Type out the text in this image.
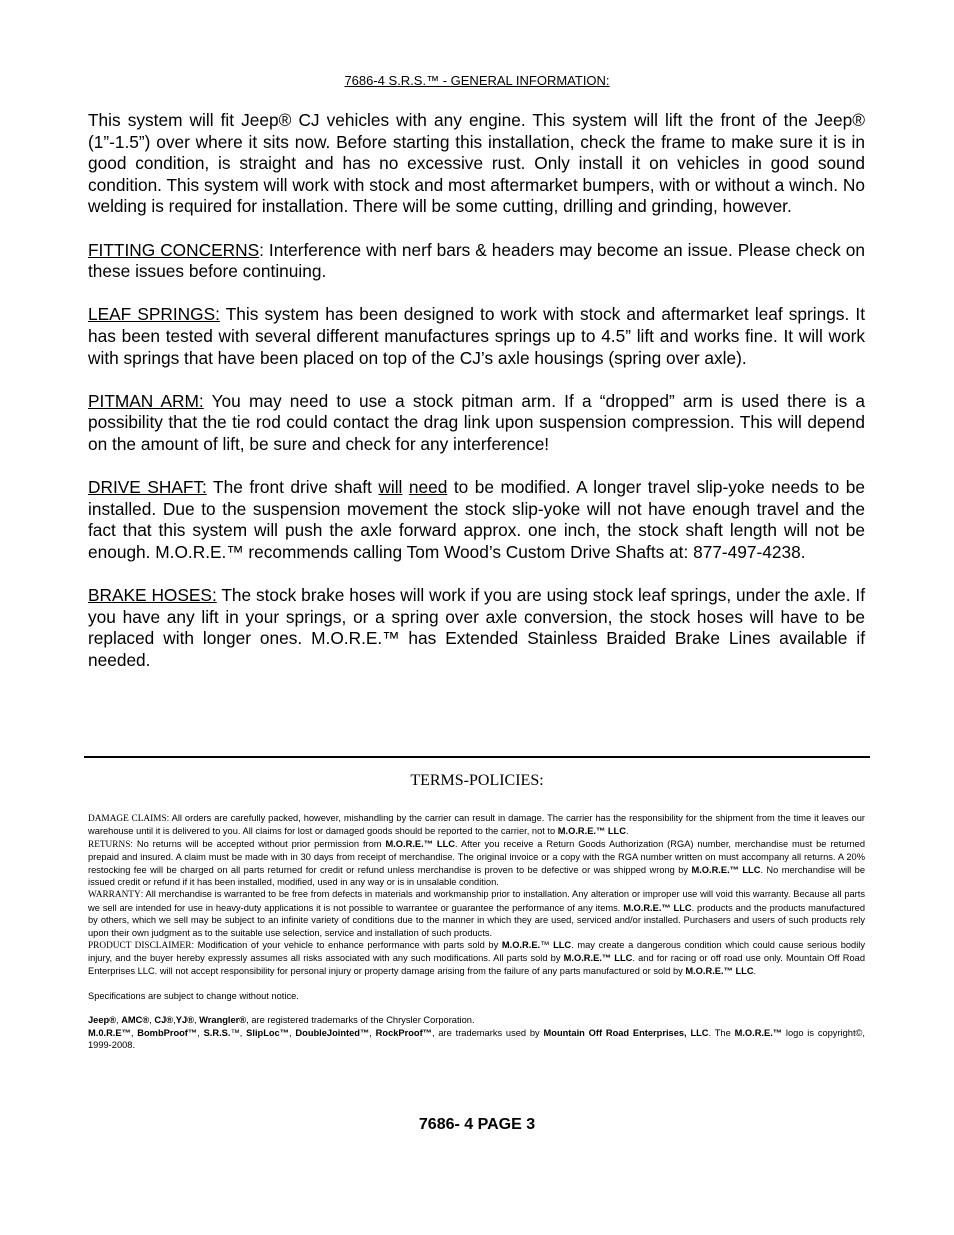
7686-4 S.R.S.™ - GENERAL INFORMATION:

This system will fit Jeep® CJ vehicles with any engine. This system will lift the front of the Jeep® (1”-1.5”) over where it sits now. Before starting this installation, check the frame to make sure it is in good condition, is straight and has no excessive rust. Only install it on vehicles in good sound condition. This system will work with stock and most aftermarket bumpers, with or without a winch. No welding is required for installation. There will be some cutting, drilling and grinding, however.

FITTING CONCERNS: Interference with nerf bars & headers may become an issue. Please check on these issues before continuing.

LEAF SPRINGS: This system has been designed to work with stock and aftermarket leaf springs. It has been tested with several different manufactures springs up to 4.5” lift and works fine. It will work with springs that have been placed on top of the CJ’s axle housings (spring over axle).

PITMAN ARM: You may need to use a stock pitman arm. If a “dropped” arm is used there is a possibility that the tie rod could contact the drag link upon suspension compression. This will depend on the amount of lift, be sure and check for any interference!

DRIVE SHAFT: The front drive shaft will need to be modified. A longer travel slip-yoke needs to be installed. Due to the suspension movement the stock slip-yoke will not have enough travel and the fact that this system will push the axle forward approx. one inch, the stock shaft length will not be enough. M.O.R.E.™ recommends calling Tom Wood’s Custom Drive Shafts at: 877-497-4238.

BRAKE HOSES: The stock brake hoses will work if you are using stock leaf springs, under the axle. If you have any lift in your springs, or a spring over axle conversion, the stock hoses will have to be replaced with longer ones. M.O.R.E.™ has Extended Stainless Braided Brake Lines available if needed.

TERMS-POLICIES:

DAMAGE CLAIMS: All orders are carefully packed, however, mishandling by the carrier can result in damage. The carrier has the responsibility for the shipment from the time it leaves our warehouse until it is delivered to you. All claims for lost or damaged goods should be reported to the carrier, not to M.O.R.E.™ LLC.

RETURNS: No returns will be accepted without prior permission from M.O.R.E.™ LLC. After you receive a Return Goods Authorization (RGA) number, merchandise must be returned prepaid and insured. A claim must be made with in 30 days from receipt of merchandise. The original invoice or a copy with the RGA number written on must accompany all returns. A 20% restocking fee will be charged on all parts returned for credit or refund unless merchandise is proven to be defective or was shipped wrong by M.O.R.E.™ LLC. No merchandise will be issued credit or refund if it has been installed, modified, used in any way or is in unsalable condition.

WARRANTY: All merchandise is warranted to be free from defects in materials and workmanship prior to installation. Any alteration or improper use will void this warranty. Because all parts we sell are intended for use in heavy-duty applications it is not possible to warrantee or guarantee the performance of any items. M.O.R.E.™ LLC. products and the products manufactured by others, which we sell may be subject to an infinite variety of conditions due to the manner in which they are used, serviced and/or installed. Purchasers and users of such products rely upon their own judgment as to the suitable use selection, service and installation of such products.

PRODUCT DISCLAIMER: Modification of your vehicle to enhance performance with parts sold by M.O.R.E.™ LLC. may create a dangerous condition which could cause serious bodily injury, and the buyer hereby expressly assumes all risks associated with any such modifications. All parts sold by M.O.R.E.™ LLC. and for racing or off road use only. Mountain Off Road Enterprises LLC. will not accept responsibility for personal injury or property damage arising from the failure of any parts manufactured or sold by M.O.R.E.™ LLC.

Specifications are subject to change without notice.

Jeep®, AMC®, CJ®,YJ®, Wrangler®, are registered trademarks of the Chrysler Corporation.

M.0.R.E™, BombProof™, S.R.S.™, SlipLoc™, DoubleJointed™, RockProof™, are trademarks used by Mountain Off Road Enterprises, LLC. The M.O.R.E.™ logo is copyright©, 1999-2008.

7686- 4 PAGE 3
